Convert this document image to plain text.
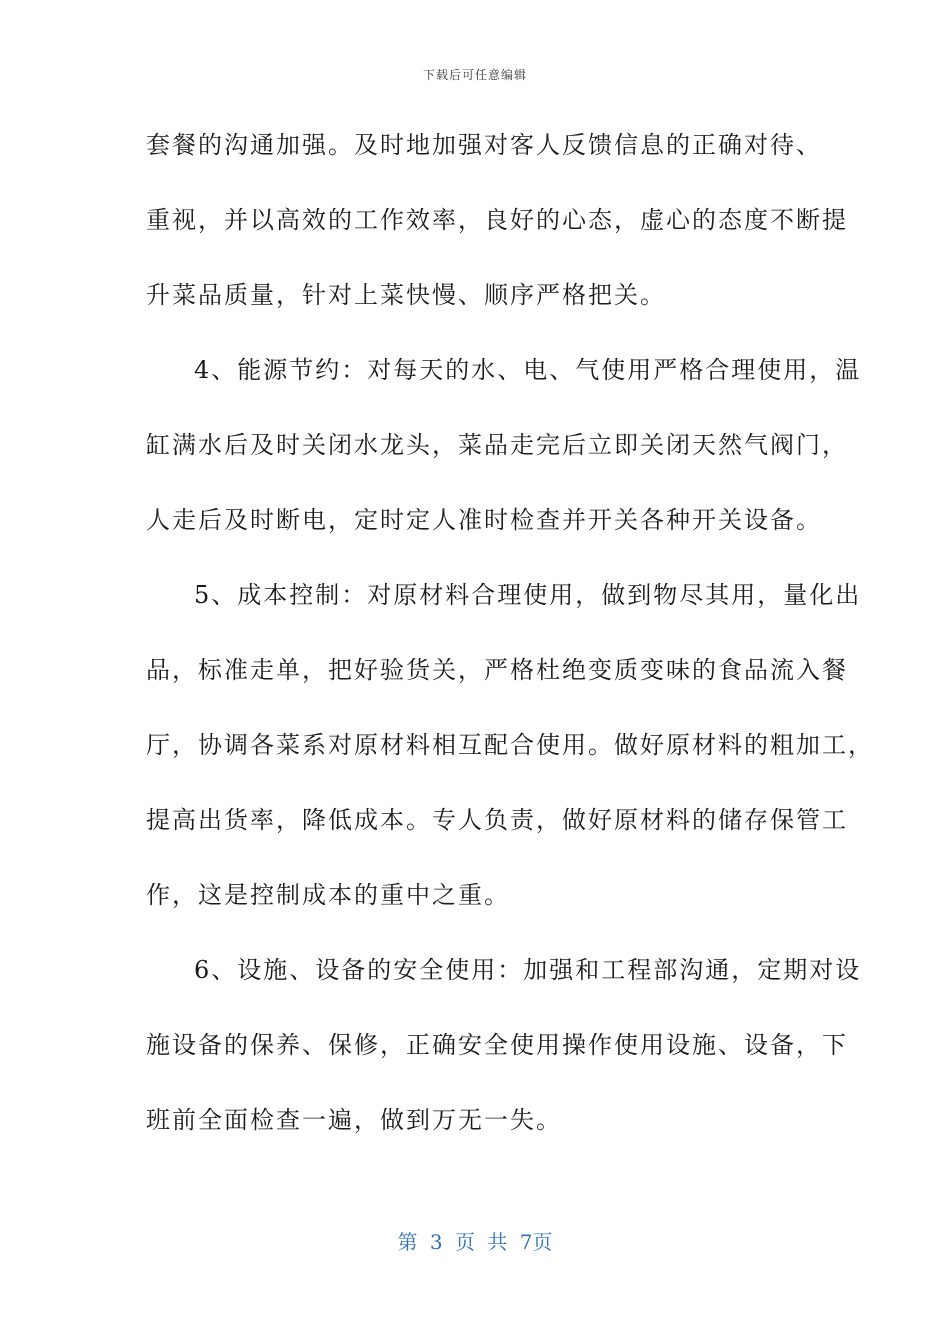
下载后可任意编辑
套餐的沟通加强。及时地加强对客人反馈信息的正确对待、
重视，并以高效的工作效率，良好的心态，虚心的态度不断提
升菜品质量，针对上菜快慢、顺序严格把关。
4、能源节约：对每天的水、电、气使用严格合理使用，温
缸满水后及时关闭水龙头，菜品走完后立即关闭天然气阀门，
人走后及时断电，定时定人准时检查并开关各种开关设备。
5、成本控制：对原材料合理使用，做到物尽其用，量化出
品，标准走单，把好验货关，严格杜绝变质变味的食品流入餐
厅，协调各菜系对原材料相互配合使用。做好原材料的粗加工，
提高出货率，降低成本。专人负责，做好原材料的储存保管工
作，这是控制成本的重中之重。
6、设施、设备的安全使用：加强和工程部沟通，定期对设
施设备的保养、保修，正确安全使用操作使用设施、设备，下
班前全面检查一遍，做到万无一失。
第 3 页 共 7页
